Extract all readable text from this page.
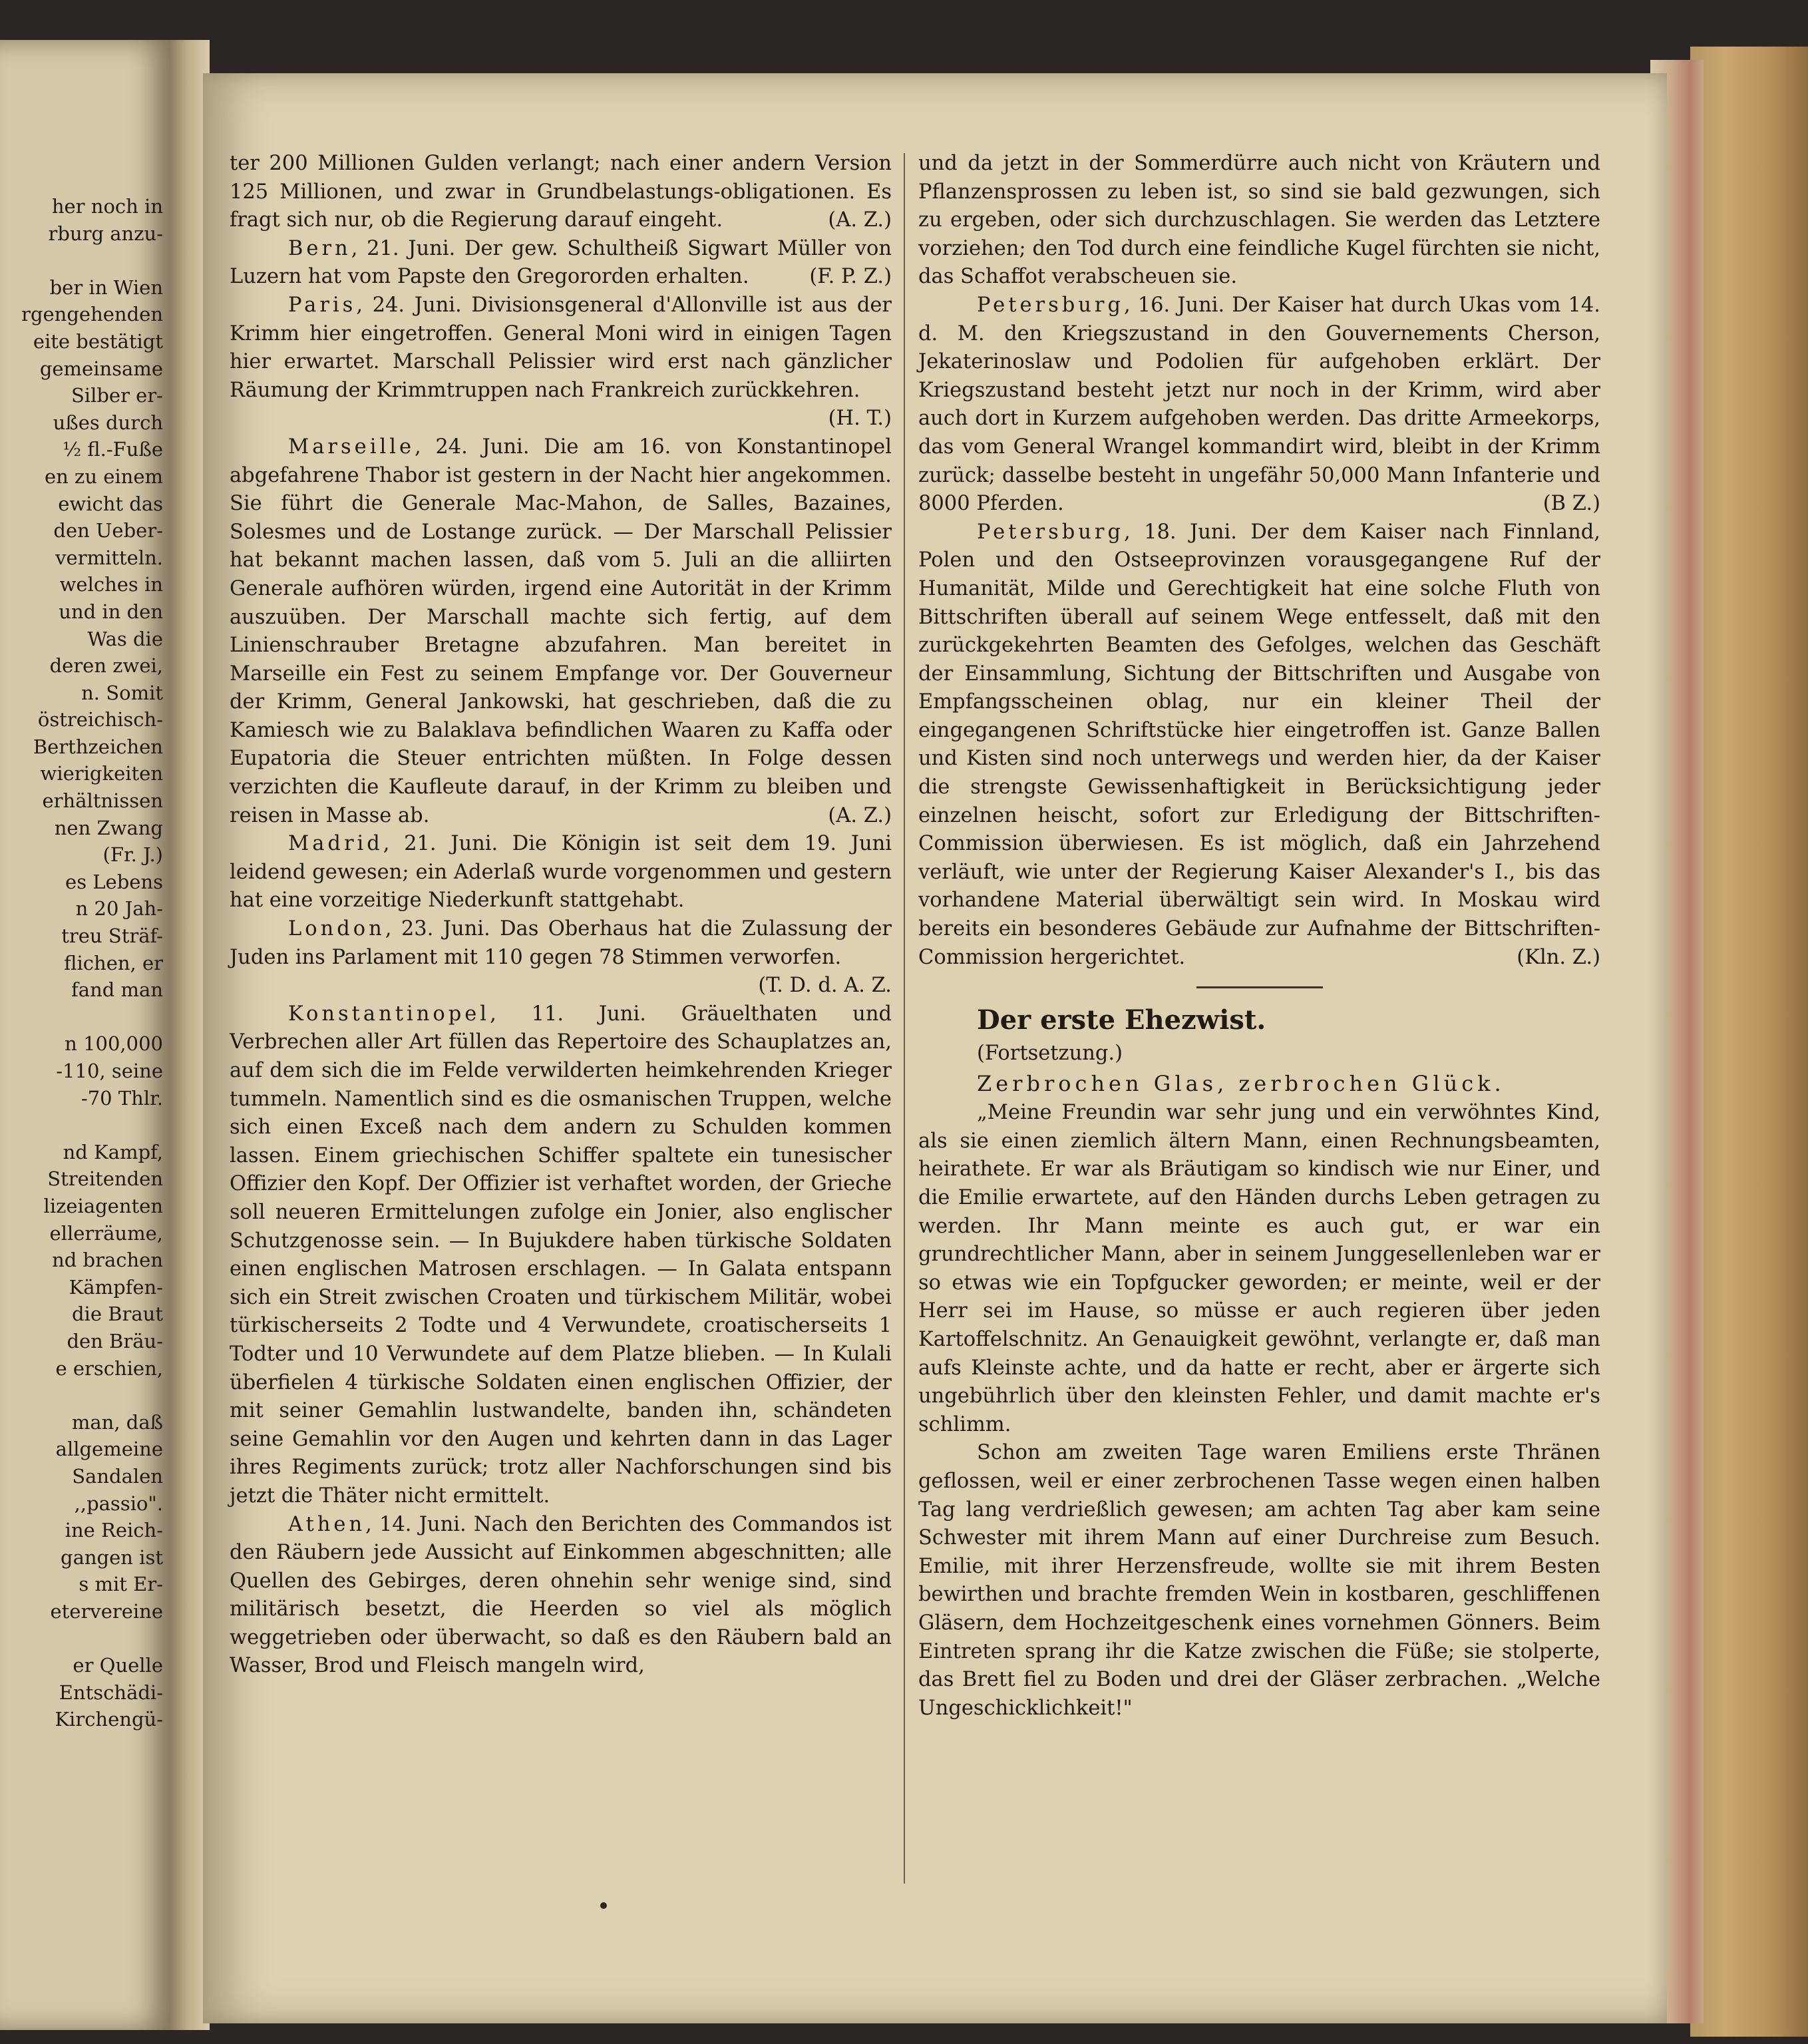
her noch in
rburg anzu-
ber in Wien
rgengehenden
eite bestätigt
gemeinsame
Silber er-
ußes durch
½ fl.-Fuße
en zu einem
ewicht das
den Ueber-
vermitteln.
welches in
und in den
Was die
deren zwei,
n. Somit
östreichisch-
Berthzeichen
wierigkeiten
erhältnissen
nen Zwang
(Fr. J.)
es Lebens
n 20 Jah-
treu Sträf-
flichen, er
fand man
n 100,000
-110, seine
-70 Thlr.
nd Kampf,
Streitenden
lizeiagenten
ellerräume,
nd brachen
Kämpfen-
die Braut
den Bräu-
e erschien,
man, daß
allgemeine
Sandalen
,,passio".
ine Reich-
gangen ist
s mit Er-
etervereine
er Quelle
Entschädi-
Kirchengü-

ter 200 Millionen Gulden verlangt; nach einer andern Version 125 Millionen, und zwar in Grundbelastungs-obligationen. Es fragt sich nur, ob die Regierung darauf eingeht.	(A. Z.)

Bern, 21. Juni. Der gew. Schultheiß Sigwart Müller von Luzern hat vom Papste den Gregororden erhalten.	(F. P. Z.)

Paris, 24. Juni. Divisionsgeneral d'Allonville ist aus der Krimm hier eingetroffen. General Moni wird in einigen Tagen hier erwartet. Marschall Pelissier wird erst nach gänzlicher Räumung der Krimmtruppen nach Frankreich zurückkehren.
(H. T.)

Marseille, 24. Juni. Die am 16. von Konstantinopel abgefahrene Thabor ist gestern in der Nacht hier angekommen. Sie führt die Generale Mac-Mahon, de Salles, Bazaines, Solesmes und de Lostange zurück. — Der Marschall Pelissier hat bekannt machen lassen, daß vom 5. Juli an die alliirten Generale aufhören würden, irgend eine Autorität in der Krimm auszuüben. Der Marschall machte sich fertig, auf dem Linienschrauber Bretagne abzufahren. Man bereitet in Marseille ein Fest zu seinem Empfange vor. Der Gouverneur der Krimm, General Jankowski, hat geschrieben, daß die zu Kamiesch wie zu Balaklava befindlichen Waaren zu Kaffa oder Eupatoria die Steuer entrichten müßten. In Folge dessen verzichten die Kaufleute darauf, in der Krimm zu bleiben und reisen in Masse ab.	(A. Z.)

Madrid, 21. Juni. Die Königin ist seit dem 19. Juni leidend gewesen; ein Aderlaß wurde vorgenommen und gestern hat eine vorzeitige Niederkunft stattgehabt.

London, 23. Juni. Das Oberhaus hat die Zulassung der Juden ins Parlament mit 110 gegen 78 Stimmen verworfen.
(T. D. d. A. Z.

Konstantinopel, 11. Juni. Gräuelthaten und Verbrechen aller Art füllen das Repertoire des Schauplatzes an, auf dem sich die im Felde verwilderten heimkehrenden Krieger tummeln. Namentlich sind es die osmanischen Truppen, welche sich einen Exceß nach dem andern zu Schulden kommen lassen. Einem griechischen Schiffer spaltete ein tunesischer Offizier den Kopf. Der Offizier ist verhaftet worden, der Grieche soll neueren Ermittelungen zufolge ein Jonier, also englischer Schutzgenosse sein. — In Bujukdere haben türkische Soldaten einen englischen Matrosen erschlagen. — In Galata entspann sich ein Streit zwischen Croaten und türkischem Militär, wobei türkischerseits 2 Todte und 4 Verwundete, croatischerseits 1 Todter und 10 Verwundete auf dem Platze blieben. — In Kulali überfielen 4 türkische Soldaten einen englischen Offizier, der mit seiner Gemahlin lustwandelte, banden ihn, schändeten seine Gemahlin vor den Augen und kehrten dann in das Lager ihres Regiments zurück; trotz aller Nachforschungen sind bis jetzt die Thäter nicht ermittelt.

Athen, 14. Juni. Nach den Berichten des Commandos ist den Räubern jede Aussicht auf Einkommen abgeschnitten; alle Quellen des Gebirges, deren ohnehin sehr wenige sind, sind militärisch besetzt, die Heerden so viel als möglich weggetrieben oder überwacht, so daß es den Räubern bald an Wasser, Brod und Fleisch mangeln wird,

und da jetzt in der Sommerdürre auch nicht von Kräutern und Pflanzensprossen zu leben ist, so sind sie bald gezwungen, sich zu ergeben, oder sich durchzuschlagen. Sie werden das Letztere vorziehen; den Tod durch eine feindliche Kugel fürchten sie nicht, das Schaffot verabscheuen sie.

Petersburg, 16. Juni. Der Kaiser hat durch Ukas vom 14. d. M. den Kriegszustand in den Gouvernements Cherson, Jekaterinoslaw und Podolien für aufgehoben erklärt. Der Kriegszustand besteht jetzt nur noch in der Krimm, wird aber auch dort in Kurzem aufgehoben werden. Das dritte Armeekorps, das vom General Wrangel kommandirt wird, bleibt in der Krimm zurück; dasselbe besteht in ungefähr 50,000 Mann Infanterie und 8000 Pferden.	(B Z.)

Petersburg, 18. Juni. Der dem Kaiser nach Finnland, Polen und den Ostseeprovinzen vorausgegangene Ruf der Humanität, Milde und Gerechtigkeit hat eine solche Fluth von Bittschriften überall auf seinem Wege entfesselt, daß mit den zurückgekehrten Beamten des Gefolges, welchen das Geschäft der Einsammlung, Sichtung der Bittschriften und Ausgabe von Empfangsscheinen oblag, nur ein kleiner Theil der eingegangenen Schriftstücke hier eingetroffen ist. Ganze Ballen und Kisten sind noch unterwegs und werden hier, da der Kaiser die strengste Gewissenhaftigkeit in Berücksichtigung jeder einzelnen heischt, sofort zur Erledigung der Bittschriften-Commission überwiesen. Es ist möglich, daß ein Jahrzehend verläuft, wie unter der Regierung Kaiser Alexander's I., bis das vorhandene Material überwältigt sein wird. In Moskau wird bereits ein besonderes Gebäude zur Aufnahme der Bittschriften-Commission hergerichtet.	(Kln. Z.)

Der erste Ehezwist.

(Fortsetzung.)

Zerbrochen Glas, zerbrochen Glück.

„Meine Freundin war sehr jung und ein verwöhntes Kind, als sie einen ziemlich ältern Mann, einen Rechnungsbeamten, heirathete. Er war als Bräutigam so kindisch wie nur Einer, und die Emilie erwartete, auf den Händen durchs Leben getragen zu werden. Ihr Mann meinte es auch gut, er war ein grundrechtlicher Mann, aber in seinem Junggesellenleben war er so etwas wie ein Topfgucker geworden; er meinte, weil er der Herr sei im Hause, so müsse er auch regieren über jeden Kartoffelschnitz. An Genauigkeit gewöhnt, verlangte er, daß man aufs Kleinste achte, und da hatte er recht, aber er ärgerte sich ungebührlich über den kleinsten Fehler, und damit machte er's schlimm.

Schon am zweiten Tage waren Emiliens erste Thränen geflossen, weil er einer zerbrochenen Tasse wegen einen halben Tag lang verdrießlich gewesen; am achten Tag aber kam seine Schwester mit ihrem Mann auf einer Durchreise zum Besuch. Emilie, mit ihrer Herzensfreude, wollte sie mit ihrem Besten bewirthen und brachte fremden Wein in kostbaren, geschliffenen Gläsern, dem Hochzeitgeschenk eines vornehmen Gönners. Beim Eintreten sprang ihr die Katze zwischen die Füße; sie stolperte, das Brett fiel zu Boden und drei der Gläser zerbrachen. „Welche Ungeschicklichkeit!"
